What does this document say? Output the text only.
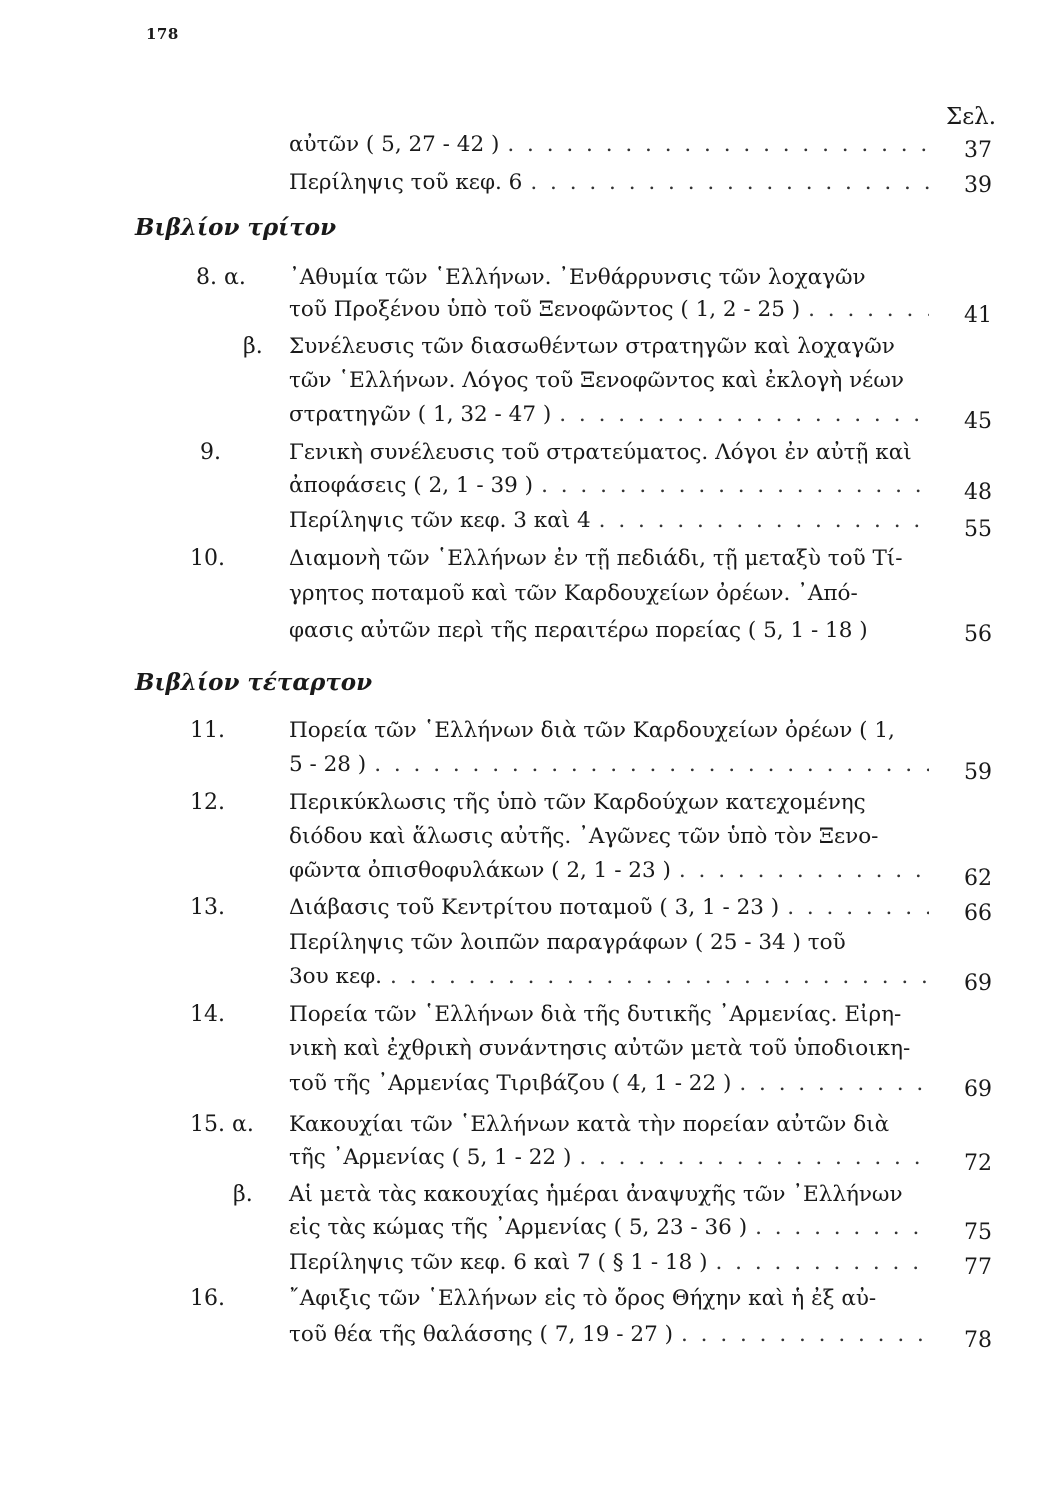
178
Σελ.
αὐτῶν ( 5, 27 - 42 ) . . .	37
Περίληψις τοῦ κεφ. 6 . . .	39
Βιβλίον τρίτον
8. α. ᾿Αθυμία τῶν ῾Ελλήνων. ᾿Ενθάρρυνσις τῶν λοχαγῶν
τοῦ Προξένου ὑπὸ τοῦ Ξενοφῶντος ( 1, 2 - 25 ) . . .	41
β. Συνέλευσις τῶν διασωθέντων στρατηγῶν καὶ λοχαγῶν
τῶν ῾Ελλήνων. Λόγος τοῦ Ξενοφῶντος καὶ ἐκλογὴ νέων
στρατηγῶν ( 1, 32 - 47 ) . . .	45
9.	Γενικὴ συνέλευσις τοῦ στρατεύματος. Λόγοι ἐν αὐτῇ καὶ
ἀποφάσεις ( 2, 1 - 39 ) . . .	48
Περίληψις τῶν κεφ. 3 καὶ 4 . . .	55
10.	Διαμονὴ τῶν ῾Ελλήνων ἐν τῇ πεδιάδι, τῇ μεταξὺ τοῦ Τί-
γρητος ποταμοῦ καὶ τῶν Καρδουχείων ὀρέων. ᾿Από-
φασις αὐτῶν περὶ τῆς περαιτέρω πορείας ( 5, 1 - 18 )	56
Βιβλίον τέταρτον
11.	Πορεία τῶν ῾Ελλήνων διὰ τῶν Καρδουχείων ὀρέων ( 1,
5 - 28 ) . . .	59
12.	Περικύκλωσις τῆς ὑπὸ τῶν Καρδούχων κατεχομένης
διόδου καὶ ἅλωσις αὐτῆς. ᾿Αγῶνες τῶν ὑπὸ τὸν Ξενο-
φῶντα ὀπισθοφυλάκων ( 2, 1 - 23 ) . . .	62
13.	Διάβασις τοῦ Κεντρίτου ποταμοῦ ( 3, 1 - 23 ) . . .	66
Περίληψις τῶν λοιπῶν παραγράφων ( 25 - 34 ) τοῦ
3ου κεφ. . . .	69
14.	Πορεία τῶν ῾Ελλήνων διὰ τῆς δυτικῆς ᾿Αρμενίας. Εἰρη-
νικὴ καὶ ἐχθρικὴ συνάντησις αὐτῶν μετὰ τοῦ ὑποδιοικη-
τοῦ τῆς ᾿Αρμενίας Τιριβάζου ( 4, 1 - 22 ) . . .	69
15. α. Κακουχίαι τῶν ῾Ελλήνων κατὰ τὴν πορείαν αὐτῶν διὰ
τῆς ᾿Αρμενίας ( 5, 1 - 22 ) . . .	72
β. Αἱ μετὰ τὰς κακουχίας ἡμέραι ἀναψυχῆς τῶν ᾿Ελλήνων
εἰς τὰς κώμας τῆς ᾿Αρμενίας ( 5, 23 - 36 ) . . .	75
Περίληψις τῶν κεφ. 6 καὶ 7 ( § 1 - 18 ) . . .	77
16.	῎Αφιξις τῶν ῾Ελλήνων εἰς τὸ ὄρος Θήχην καὶ ἡ ἐξ αὐ-
τοῦ θέα τῆς θαλάσσης ( 7, 19 - 27 ) . . .	78
